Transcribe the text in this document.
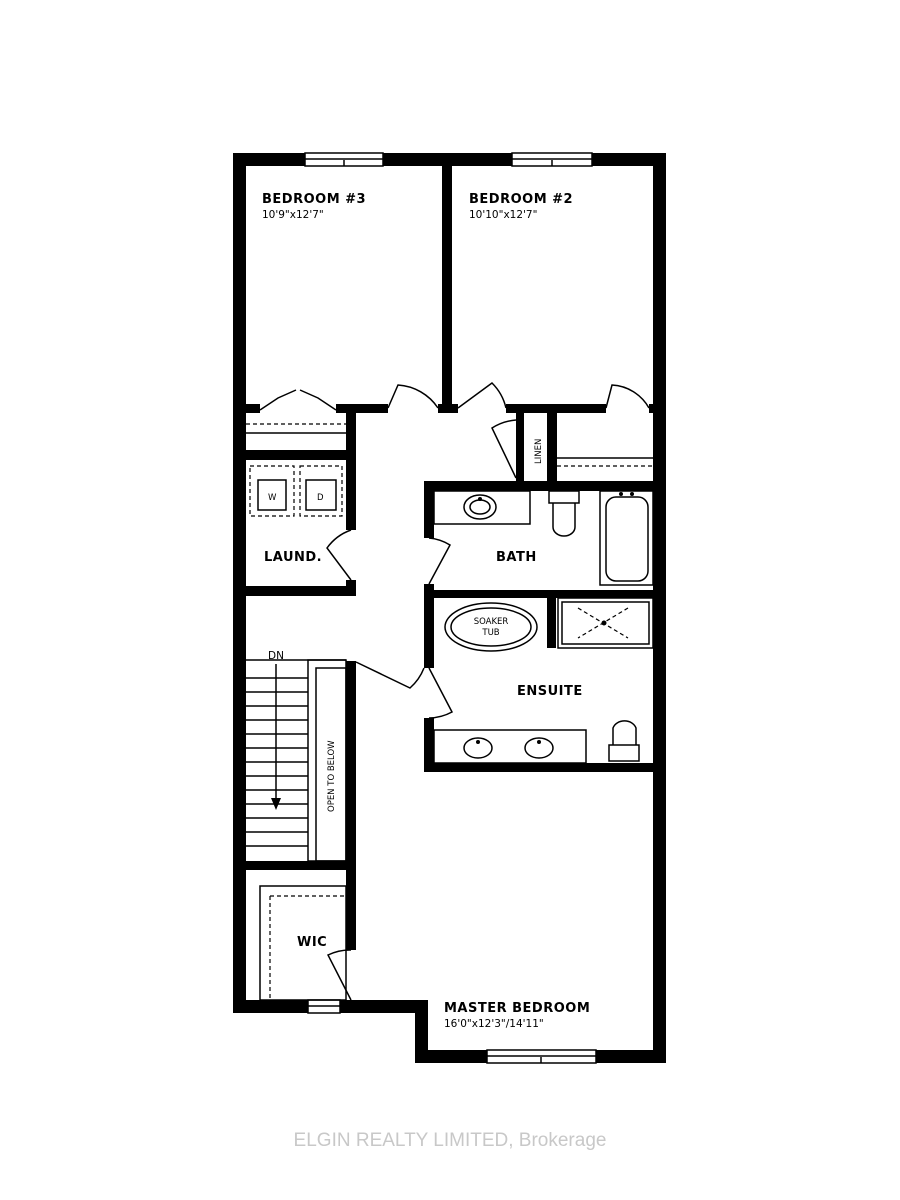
BEDROOM #3
10'9"x12'7"
BEDROOM #2
10'10"x12'7"
LAUND.
W	D
BATH
ENSUITE
SOAKER
TUB
LINEN
DN
OPEN TO BELOW
WIC
MASTER BEDROOM
16'0"x12'3"/14'11"
ELGIN REALTY LIMITED, Brokerage
